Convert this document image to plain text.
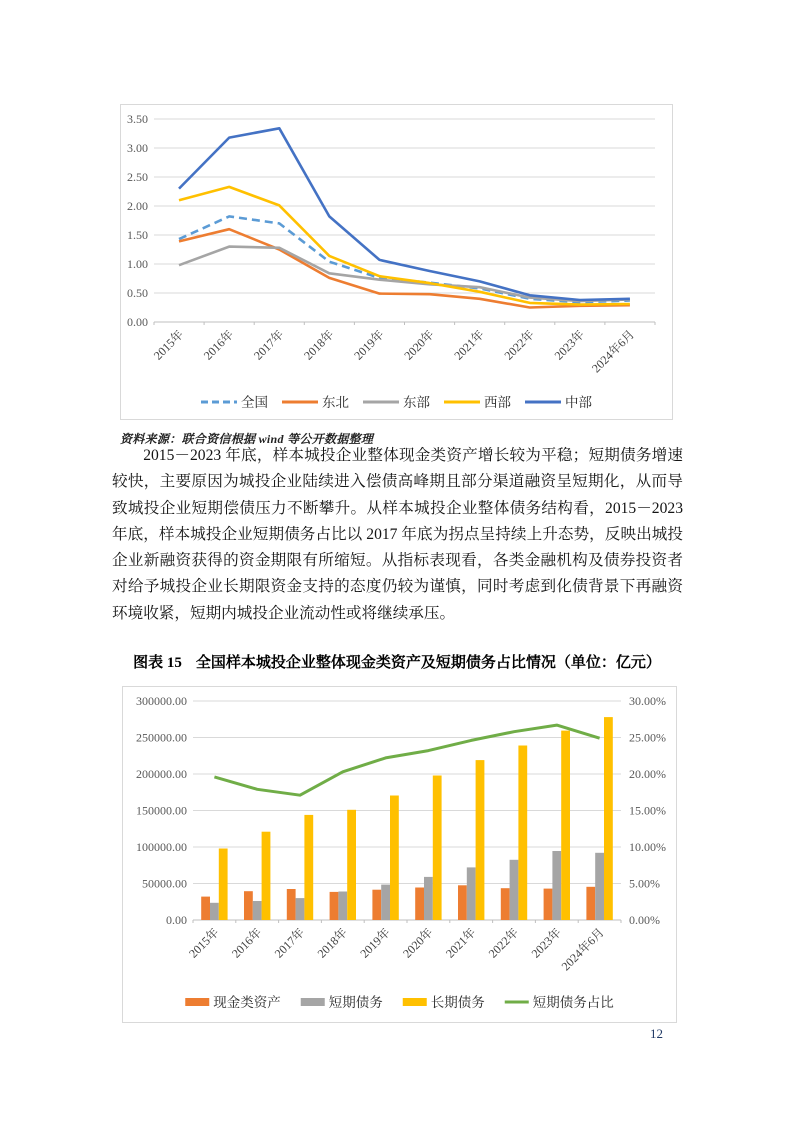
0.00
0.50
1.00
1.50
2.00
2.50
3.00
3.50
2015年 2016年 2017年 2018年 2019年 2020年 2021年 2022年 2023年 2024年6月
全国	东北	东部	西部	中部
资料来源：联合资信根据 wind 等公开数据整理

2015－2023 年底，样本城投企业整体现金类资产增长较为平稳；短期债务增速较快，主要原因为城投企业陆续进入偿债高峰期且部分渠道融资呈短期化，从而导致城投企业短期偿债压力不断攀升。从样本城投企业整体债务结构看，2015－2023 年底，样本城投企业短期债务占比以 2017 年底为拐点呈持续上升态势，反映出城投企业新融资获得的资金期限有所缩短。从指标表现看，各类金融机构及债券投资者对给予城投企业长期限资金支持的态度仍较为谨慎，同时考虑到化债背景下再融资环境收紧，短期内城投企业流动性或将继续承压。

图表 15 全国样本城投企业整体现金类资产及短期债务占比情况（单位：亿元）
0.00	0.00%
50000.00	5.00%
100000.00	10.00%
150000.00	15.00%
200000.00	20.00%
250000.00	25.00%
300000.00	30.00%
2015年 2016年 2017年 2018年 2019年 2020年 2021年 2022年 2023年
2024年6月
现金类资产	短期债务	长期债务	短期债务占比
12
